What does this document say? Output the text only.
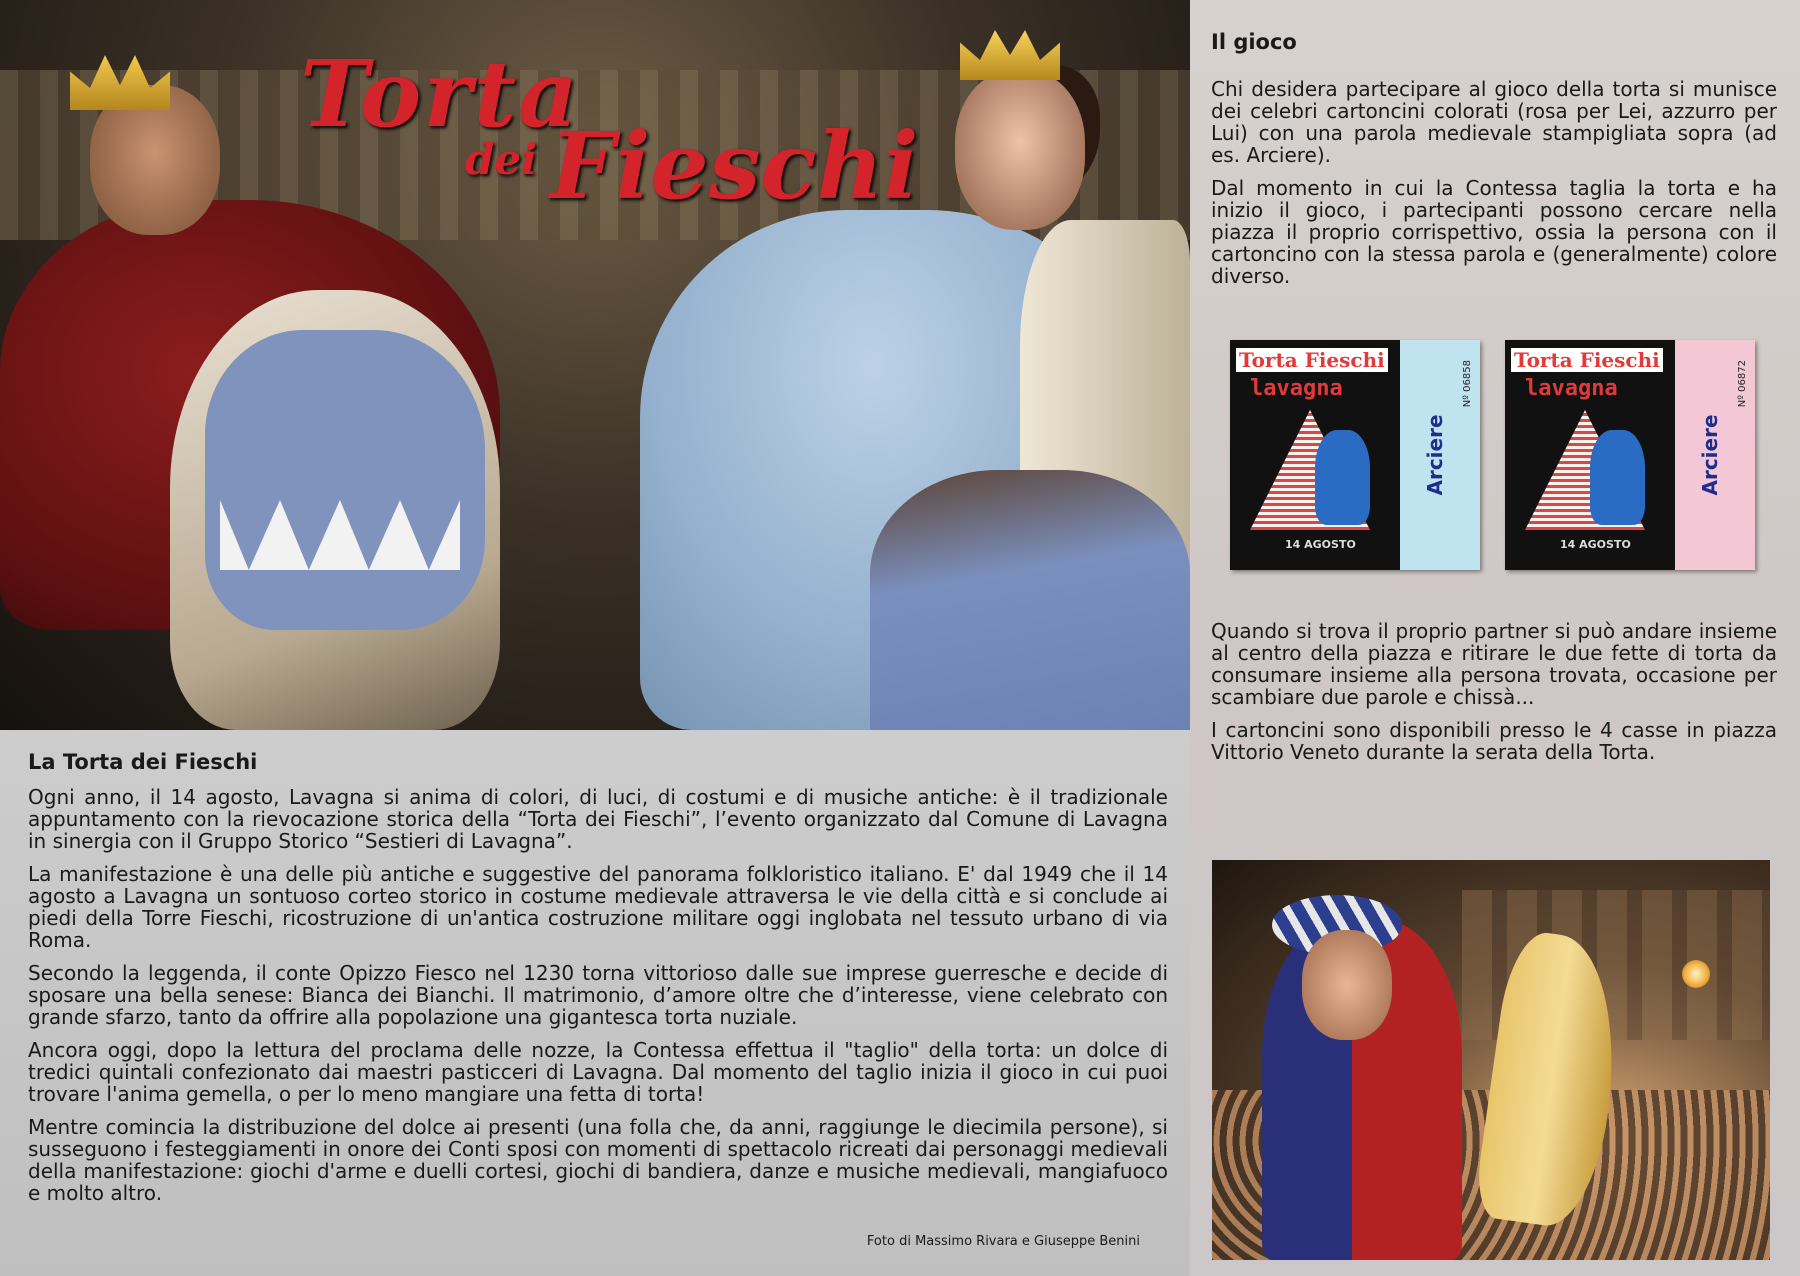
Torta
dei Fieschi
La Torta dei Fieschi

Ogni anno, il 14 agosto, Lavagna si anima di colori, di luci, di costumi e di musiche antiche: è il tradizionale appuntamento con la rievocazione storica della “Torta dei Fieschi”, l’evento organizzato dal Comune di Lavagna in sinergia con il Gruppo Storico “Sestieri di Lavagna”.

La manifestazione è una delle più antiche e suggestive del panorama folkloristico italiano. E' dal 1949 che il 14 agosto a Lavagna un sontuoso corteo storico in costume medievale attraversa le vie della città e si conclude ai piedi della Torre Fieschi, ricostruzione di un'antica costruzione militare oggi inglobata nel tessuto urbano di via Roma.

Secondo la leggenda, il conte Opizzo Fiesco nel 1230 torna vittorioso dalle sue imprese guerresche e decide di sposare una bella senese: Bianca dei Bianchi. Il matrimonio, d’amore oltre che d’interesse, viene celebrato con grande sfarzo, tanto da offrire alla popolazione una gigantesca torta nuziale.

Ancora oggi, dopo la lettura del proclama delle nozze, la Contessa effettua il "taglio" della torta: un dolce di tredici quintali confezionato dai maestri pasticceri di Lavagna. Dal momento del taglio inizia il gioco in cui puoi trovare l'anima gemella, o per lo meno mangiare una fetta di torta!

Mentre comincia la distribuzione del dolce ai presenti (una folla che, da anni, raggiunge le diecimila persone), si susseguono i festeggiamenti in onore dei Conti sposi con momenti di spettacolo ricreati dai personaggi medievali della manifestazione: giochi d'arme e duelli cortesi, giochi di bandiera, danze e musiche medievali, mangiafuoco e molto altro.

Foto di Massimo Rivara e Giuseppe Benini
Il gioco

Chi desidera partecipare al gioco della torta si munisce dei celebri cartoncini colorati (rosa per Lei, azzurro per Lui) con una parola medievale stampigliata sopra (ad es. Arciere).

Dal momento in cui la Contessa taglia la torta e ha inizio il gioco, i partecipanti possono cercare nella piazza il proprio corrispettivo, ossia la persona con il cartoncino con la stessa parola e (generalmente) colore diverso.

Torta Fieschi
lavagna
14 AGOSTO
Arciere
Nº 06858 Torta Fieschi
lavagna
14 AGOSTO
Arciere
Nº 06872

Quando si trova il proprio partner si può andare insieme al centro della piazza e ritirare le due fette di torta da consumare insieme alla persona trovata, occasione per scambiare due parole e chissà...

I cartoncini sono disponibili presso le 4 casse in piazza Vittorio Veneto durante la serata della Torta.
